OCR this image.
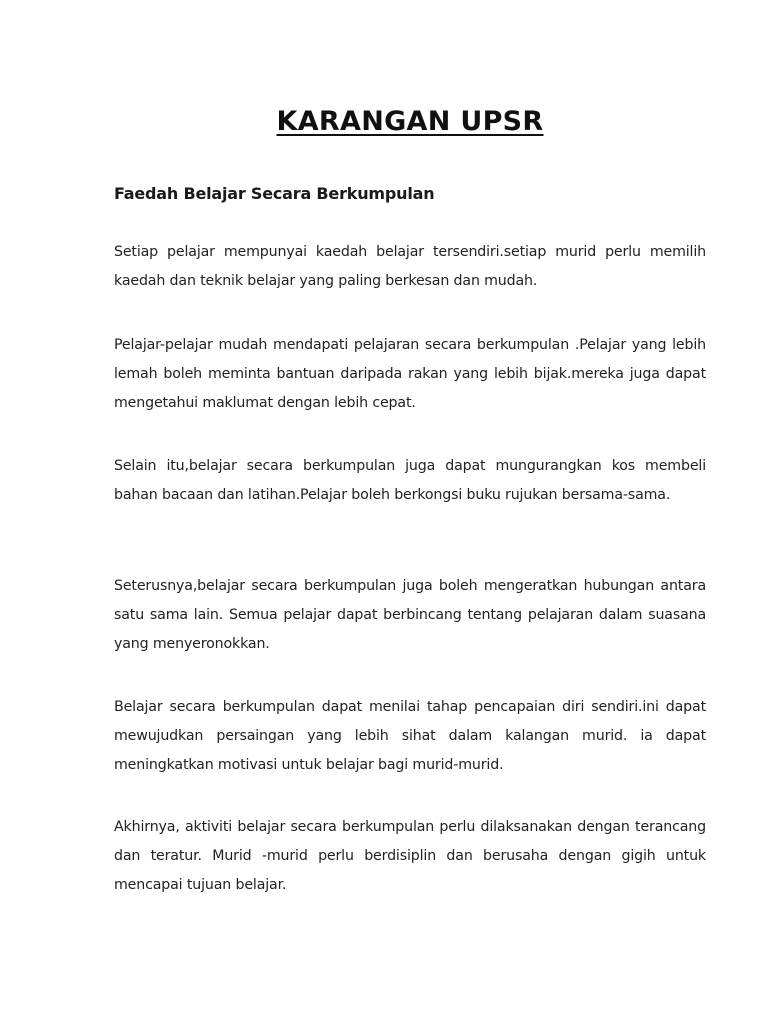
KARANGAN UPSR
Faedah Belajar Secara Berkumpulan

Setiap pelajar mempunyai kaedah belajar tersendiri.setiap murid perlu memilih kaedah dan teknik belajar yang paling berkesan dan mudah.

Pelajar-pelajar mudah mendapati pelajaran secara berkumpulan .Pelajar yang lebih lemah boleh meminta bantuan daripada rakan yang lebih bijak.mereka juga dapat mengetahui maklumat dengan lebih cepat.

Selain itu,belajar secara berkumpulan juga dapat mungurangkan kos membeli bahan bacaan dan latihan.Pelajar boleh berkongsi buku rujukan bersama-sama.

Seterusnya,belajar secara berkumpulan juga boleh mengeratkan hubungan antara satu sama lain. Semua pelajar dapat berbincang tentang pelajaran dalam suasana yang menyeronokkan.

Belajar secara berkumpulan dapat menilai tahap pencapaian diri sendiri.ini dapat mewujudkan persaingan yang lebih sihat dalam kalangan murid. ia dapat meningkatkan motivasi untuk belajar bagi murid-murid.

Akhirnya, aktiviti belajar secara berkumpulan perlu dilaksanakan dengan terancang dan teratur. Murid -murid perlu berdisiplin dan berusaha dengan gigih untuk mencapai tujuan belajar.
